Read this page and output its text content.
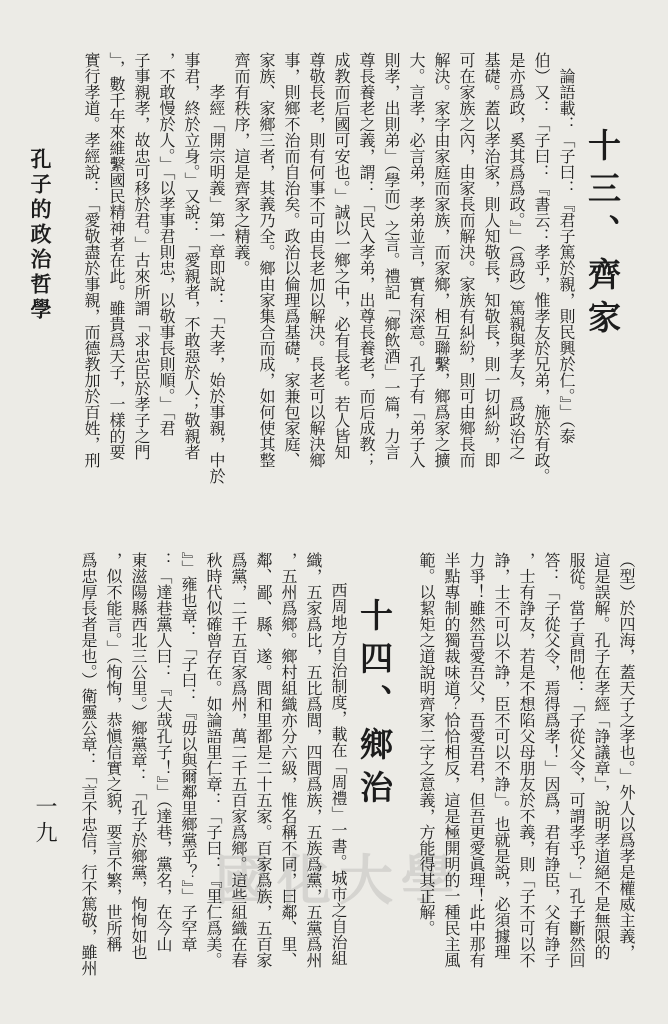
孔子的政治哲學
一九
國化大學
十三、齊家
論語載：「子曰：『君子篤於親，則民興於仁。』」（泰
伯）又：「子曰：『書云：孝乎，惟孝友於兄弟，施於有政。
是亦爲政，奚其爲爲政。』」（爲政）篤親與孝友，爲政治之
基礎。蓋以孝治家，則人知敬長，知敬長，則一切糾紛，即
可在家族之內，由家長而解決。家族有糾紛，則可由鄉長而
解決。家字由家庭而家族，而家鄉，相互聯繫，鄉爲家之擴
大。言孝，必言弟，孝弟並言，實有深意。孔子有「弟子入
則孝，出則弟」（學而）之言。禮記「鄉飲酒」一篇，力言
尊長養老之義，謂：「民入孝弟，出尊長養老，而后成教；
成教而后國可安也。」誠以一鄉之中，必有長老。若人皆知
尊敬長老，則有何事不可由長老加以解決。長老可以解決鄉
事，則鄉不治而自治矣。政治以倫理爲基礎，家兼包家庭、
家族、家鄉三者，其義乃全。鄉由家集合而成，如何使其整
齊而有秩序，這是齊家之精義。
孝經「開宗明義」第一章即說：「夫孝，始於事親，中於
事君，終於立身。」又說：「愛親者，不敢惡於人；敬親者
，不敢慢於人。」「以孝事君則忠，以敬事長則順。」「君
子事親孝，故忠可移於君。」古來所謂「求忠臣於孝子之門
」，數千年來維繫國民精神者在此。雖貴爲天子，一樣的要
實行孝道。孝經說：「愛敬盡於事親，而德教加於百姓，刑
（型）於四海，蓋天子之孝也。」外人以爲孝是權威主義，
這是誤解。孔子在孝經「諍議章」，說明孝道絕不是無限的
服從。當子貢問他：「子從父令，可謂孝乎？」孔子斷然回
答：「子從父令，焉得爲孝！」因爲，君有諍臣，父有諍子
，士有諍友，若是不想陷父母朋友於不義，則「子不可以不
諍，士不可以不諍，臣不可以不諍」。也就是說，必須據理
力爭！雖然吾愛吾父，吾愛吾君，但吾更愛眞理！此中那有
半點專制的獨裁味道？恰恰相反，這是極開明的一種民主風
範。以絜矩之道說明齊家二字之意義，方能得其正解。
十四、鄉治
西周地方自治制度，載在「周禮」一書。城市之自治組
織，五家爲比，五比爲閭，四閭爲族，五族爲黨，五黨爲州
，五州爲鄉。鄉村組織亦分六級，惟名稱不同，曰鄰、里、
鄰、鄙、縣、遂。閭和里都是二十五家。百家爲族，五百家
爲黨，二千五百家爲州，萬二千五百家爲鄉。這些組織在春
秋時代似確曾存在。如論語里仁章：「子曰：『里仁爲美。
』」雍也章：「子曰：『毋以與爾鄰里鄉黨乎？』」子罕章
：「達巷黨人曰：『大哉孔子！』」（達巷，黨名，在今山
東滋陽縣西北三公里。）鄉黨章：「孔子於鄉黨，恂恂如也
，似不能言。」（恂恂，恭愼信實之貌，要言不繁，世所稱
爲忠厚長者是也。）衛靈公章：「言不忠信，行不篤敬，雖州
